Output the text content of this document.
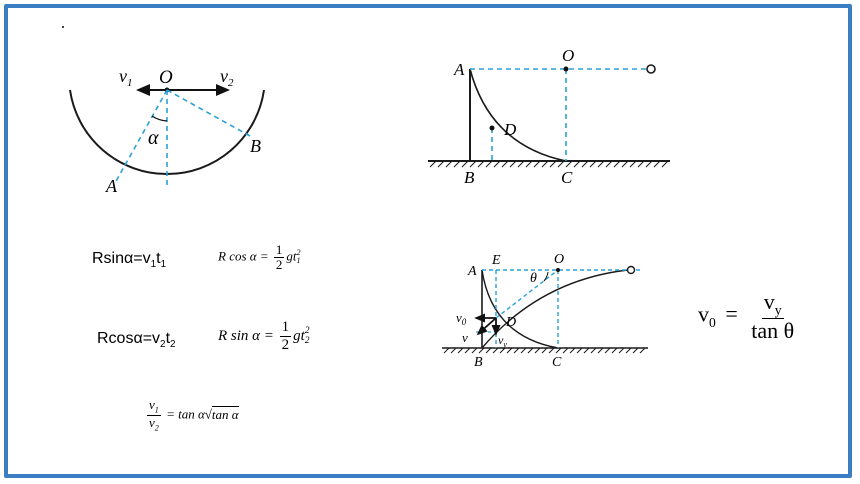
O
$v_1$	$v_2$
α
A
B
A
O
D
B	C
A
E	O
θ
$v_0$	D
v	$v_y$
B	C
$Rsin\alpha=v_1t_1$
R $\cos \alpha = \frac{1}{2}$ gt 2
1
$Rcos\alpha=v_2t_2$
R $\sin \alpha = \frac{1}{2}$ gt 2
2
$\frac{v_1}{v_2} = \tan \alpha√\tan$ α
$v_0 = \frac{v_y}{\text{tan θ}}$
